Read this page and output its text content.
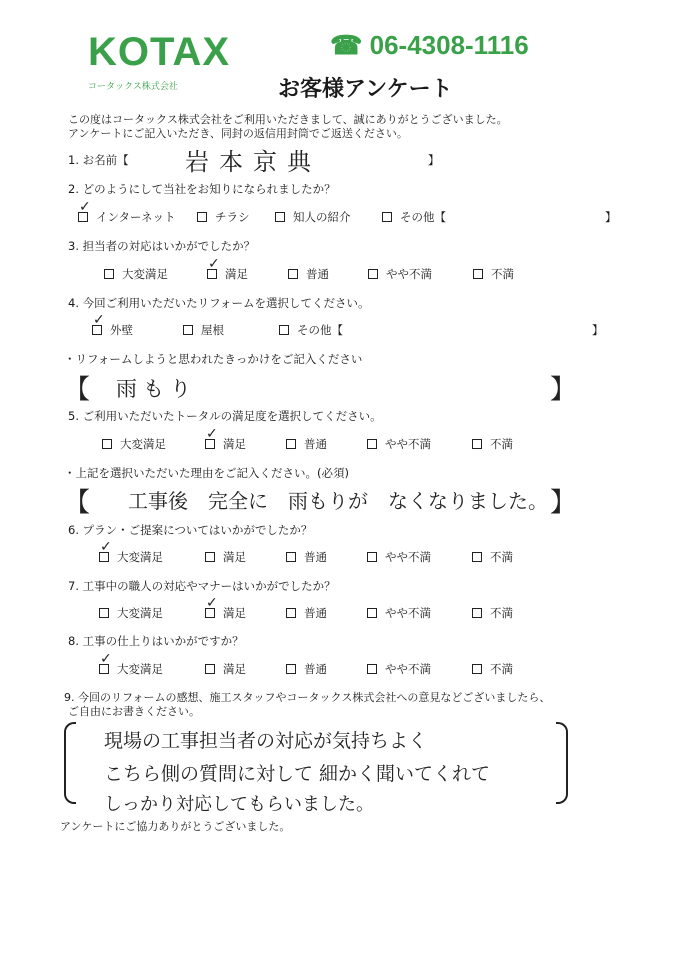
KOTAX
コータックス株式会社
☎ 06-4308-1116
お客様アンケート
この度はコータックス株式会社をご利用いただきまして、誠にありがとうございました。
アンケートにご記入いただき、同封の返信用封筒でご返送ください。
1. お名前【 岩本京典	】
2. どのようにして当社をお知りになられましたか？
インターネット
✓
チラシ	知人の紹介	その他【	】
3. 担当者の対応はいかがでしたか？
大変満足	満足
✓
普通	やや不満	不満
4. 今回ご利用いただいたリフォームを選択してください。
外壁
✓
屋根	その他【	】
・リフォームしようと思われたきっかけをご記入ください
【 雨もり	】
5. ご利用いただいたトータルの満足度を選択してください。
大変満足	満足
✓
普通	やや不満	不満
・上記を選択いただいた理由をご記入ください。(必須)
【 工事後　完全に　雨もりが　なくなりました。 】
6. プラン・ご提案についてはいかがでしたか？
大変満足
✓
満足	普通	やや不満	不満
7. 工事中の職人の対応やマナーはいかがでしたか？
大変満足	満足
✓
普通	やや不満	不満
8. 工事の仕上りはいかがですか？
大変満足
✓
満足	普通	やや不満	不満
9. 今回のリフォームの感想、施工スタッフやコータックス株式会社への意見などございましたら、
ご自由にお書きください。
現場の工事担当者の対応が気持ちよく
こちら側の質問に対して 細かく聞いてくれて
しっかり対応してもらいました。
アンケートにご協力ありがとうございました。
